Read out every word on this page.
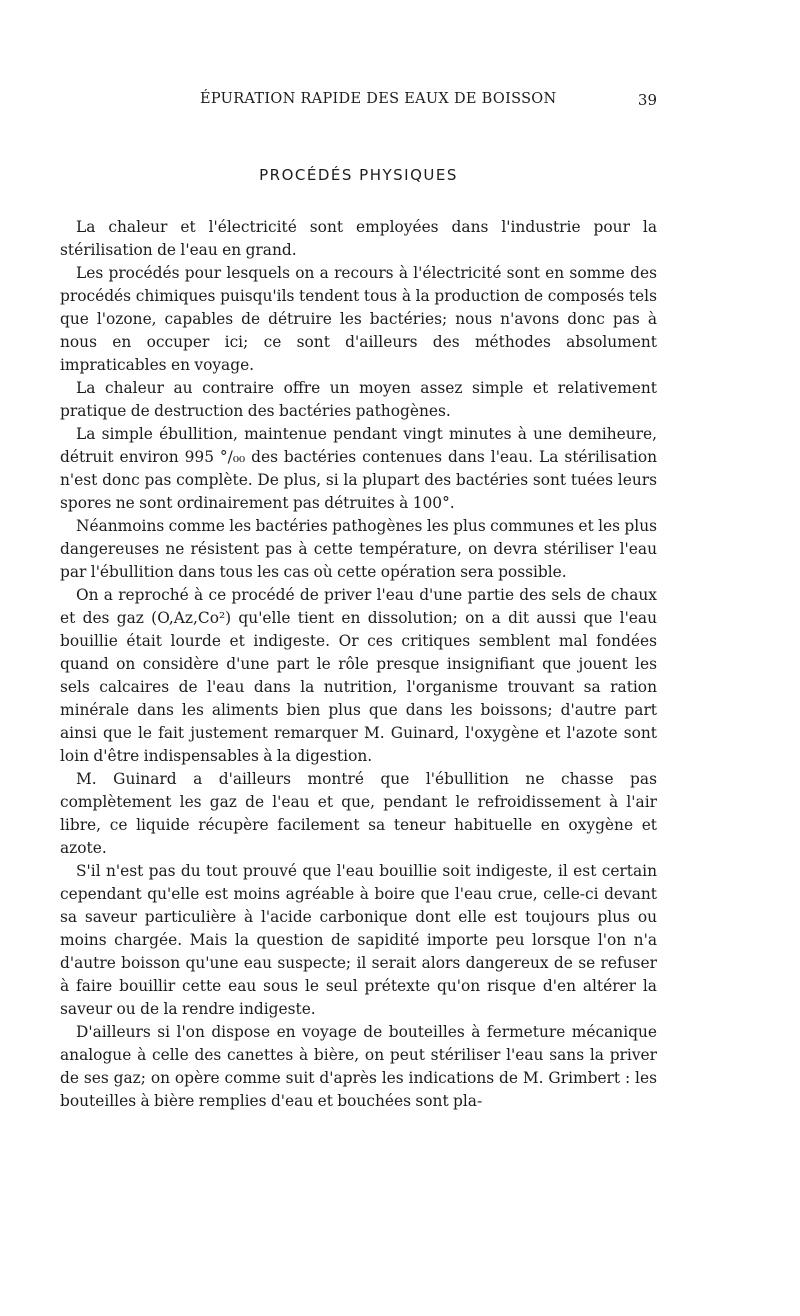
ÉPURATION RAPIDE DES EAUX DE BOISSON	39
PROCÉDÉS PHYSIQUES

La chaleur et l'électricité sont employées dans l'industrie pour la stérilisation de l'eau en grand.

Les procédés pour lesquels on a recours à l'électricité sont en somme des procédés chimiques puisqu'ils tendent tous à la production de composés tels que l'ozone, capables de détruire les bactéries; nous n'avons donc pas à nous en occuper ici; ce sont d'ailleurs des méthodes absolument impraticables en voyage.

La chaleur au contraire offre un moyen assez simple et relativement pratique de destruction des bactéries pathogènes.

La simple ébullition, maintenue pendant vingt minutes à une demiheure, détruit environ 995 °/₀₀ des bactéries contenues dans l'eau. La stérilisation n'est donc pas complète. De plus, si la plupart des bactéries sont tuées leurs spores ne sont ordinairement pas détruites à 100°.

Néanmoins comme les bactéries pathogènes les plus communes et les plus dangereuses ne résistent pas à cette température, on devra stériliser l'eau par l'ébullition dans tous les cas où cette opération sera possible.

On a reproché à ce procédé de priver l'eau d'une partie des sels de chaux et des gaz (O,Az,Co²) qu'elle tient en dissolution; on a dit aussi que l'eau bouillie était lourde et indigeste. Or ces critiques semblent mal fondées quand on considère d'une part le rôle presque insignifiant que jouent les sels calcaires de l'eau dans la nutrition, l'organisme trouvant sa ration minérale dans les aliments bien plus que dans les boissons; d'autre part ainsi que le fait justement remarquer M. Guinard, l'oxygène et l'azote sont loin d'être indispensables à la digestion.

M. Guinard a d'ailleurs montré que l'ébullition ne chasse pas complètement les gaz de l'eau et que, pendant le refroidissement à l'air libre, ce liquide récupère facilement sa teneur habituelle en oxygène et azote.

S'il n'est pas du tout prouvé que l'eau bouillie soit indigeste, il est certain cependant qu'elle est moins agréable à boire que l'eau crue, celle-ci devant sa saveur particulière à l'acide carbonique dont elle est toujours plus ou moins chargée. Mais la question de sapidité importe peu lorsque l'on n'a d'autre boisson qu'une eau suspecte; il serait alors dangereux de se refuser à faire bouillir cette eau sous le seul prétexte qu'on risque d'en altérer la saveur ou de la rendre indigeste.

D'ailleurs si l'on dispose en voyage de bouteilles à fermeture mécanique analogue à celle des canettes à bière, on peut stériliser l'eau sans la priver de ses gaz; on opère comme suit d'après les indications de M. Grimbert : les bouteilles à bière remplies d'eau et bouchées sont pla-
